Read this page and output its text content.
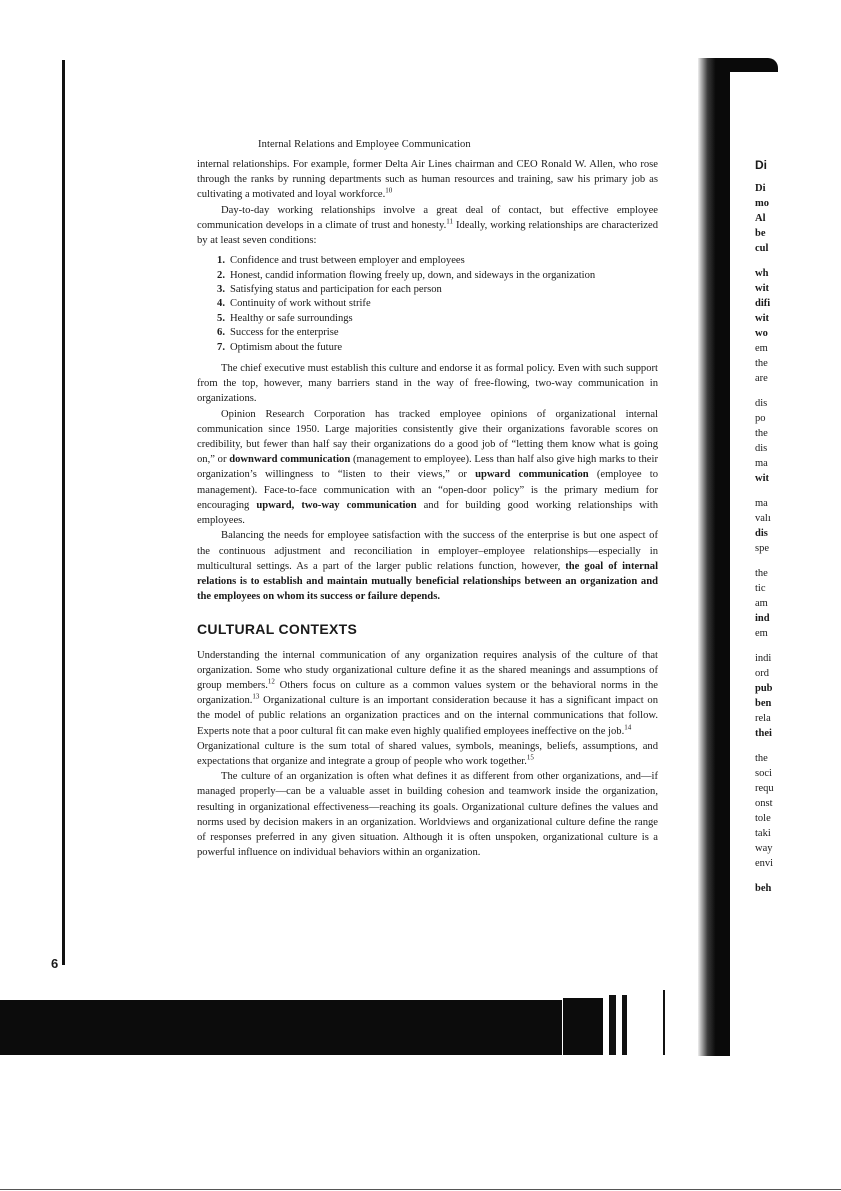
6
Internal Relations and Employee Communication

internal relationships. For example, former Delta Air Lines chairman and CEO Ronald W. Allen, who rose through the ranks by running departments such as human resources and training, saw his primary job as cultivating a motivated and loyal workforce.$^{10}$

Day-to-day working relationships involve a great deal of contact, but effective employee communication develops in a climate of trust and honesty.$^{11}$ Ideally, working relationships are characterized by at least seven conditions:

1. Confidence and trust between employer and employees
2. Honest, candid information flowing freely up, down, and sideways in the organization
3. Satisfying status and participation for each person
4. Continuity of work without strife
5. Healthy or safe surroundings
6. Success for the enterprise
7. Optimism about the future

The chief executive must establish this culture and endorse it as formal policy. Even with such support from the top, however, many barriers stand in the way of free-flowing, two-way communication in organizations.

Opinion Research Corporation has tracked employee opinions of organizational internal communication since 1950. Large majorities consistently give their organizations favorable scores on credibility, but fewer than half say their organizations do a good job of “letting them know what is going on,” or downward communication (management to employee). Less than half also give high marks to their organization’s willingness to “listen to their views,” or upward communication (employee to management). Face-to-face communication with an “open-door policy” is the primary medium for encouraging upward, two-way communication and for building good working relationships with employees.

Balancing the needs for employee satisfaction with the success of the enterprise is but one aspect of the continuous adjustment and reconciliation in employer–employee relationships—especially in multicultural settings. As a part of the larger public relations function, however, the goal of internal relations is to establish and maintain mutually beneficial relationships between an organization and the employees on whom its success or failure depends.

CULTURAL CONTEXTS

Understanding the internal communication of any organization requires analysis of the culture of that organization. Some who study organizational culture define it as the shared meanings and assumptions of group members.$^{12}$ Others focus on culture as a common values system or the behavioral norms in the organization.$^{13}$ Organizational culture is an important consideration because it has a significant impact on the model of public relations an organization practices and on the internal communications that follow. Experts note that a poor cultural fit can make even highly qualified employees ineffective on the job.$^{14}$

Organizational culture is the sum total of shared values, symbols, meanings, beliefs, assumptions, and expectations that organize and integrate a group of people who work together.$^{15}$

The culture of an organization is often what defines it as different from other organizations, and—if managed properly—can be a valuable asset in building cohesion and teamwork inside the organization, resulting in organizational effectiveness—reaching its goals. Organizational culture defines the values and norms used by decision makers in an organization. Worldviews and organizational culture define the range of responses preferred in any given situation. Although it is often unspoken, organizational culture is a powerful influence on individual behaviors within an organization.

Di
Di
mo
Al
be
cul
wh
wit
difi
wit
wo
em
the
are
dis
po
the
dis
ma
wit
ma
valı
dis
spe
the
tic
am
ind
em
indi
ord
pub
ben
rela
thei
the
soci
requ
onst
tole
taki
way
envi
beh
